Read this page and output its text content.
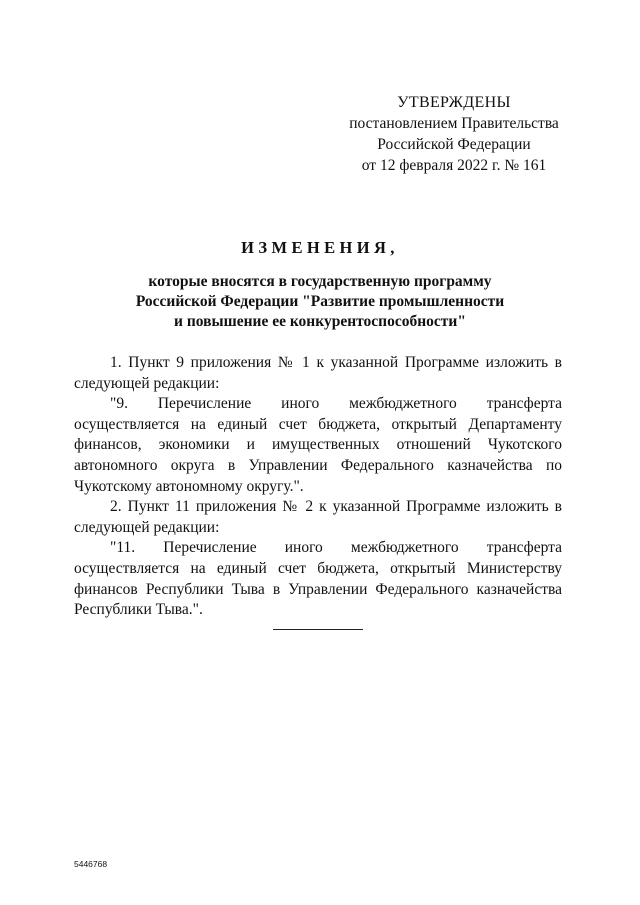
УТВЕРЖДЕНЫ
постановлением Правительства
Российской Федерации
от 12 февраля 2022 г. № 161
ИЗМЕНЕНИЯ,
которые вносятся в государственную программу
Российской Федерации "Развитие промышленности
и повышение ее конкурентоспособности"

1. Пункт 9 приложения № 1 к указанной Программе изложить в следующей редакции:

"9. Перечисление иного межбюджетного трансферта осуществляется на единый счет бюджета, открытый Департаменту финансов, экономики и имущественных отношений Чукотского автономного округа в Управлении Федерального казначейства по Чукотскому автономному округу.".

2. Пункт 11 приложения № 2 к указанной Программе изложить в следующей редакции:

"11. Перечисление иного межбюджетного трансферта осуществляется на единый счет бюджета, открытый Министерству финансов Республики Тыва в Управлении Федерального казначейства Республики Тыва.".

5446768
